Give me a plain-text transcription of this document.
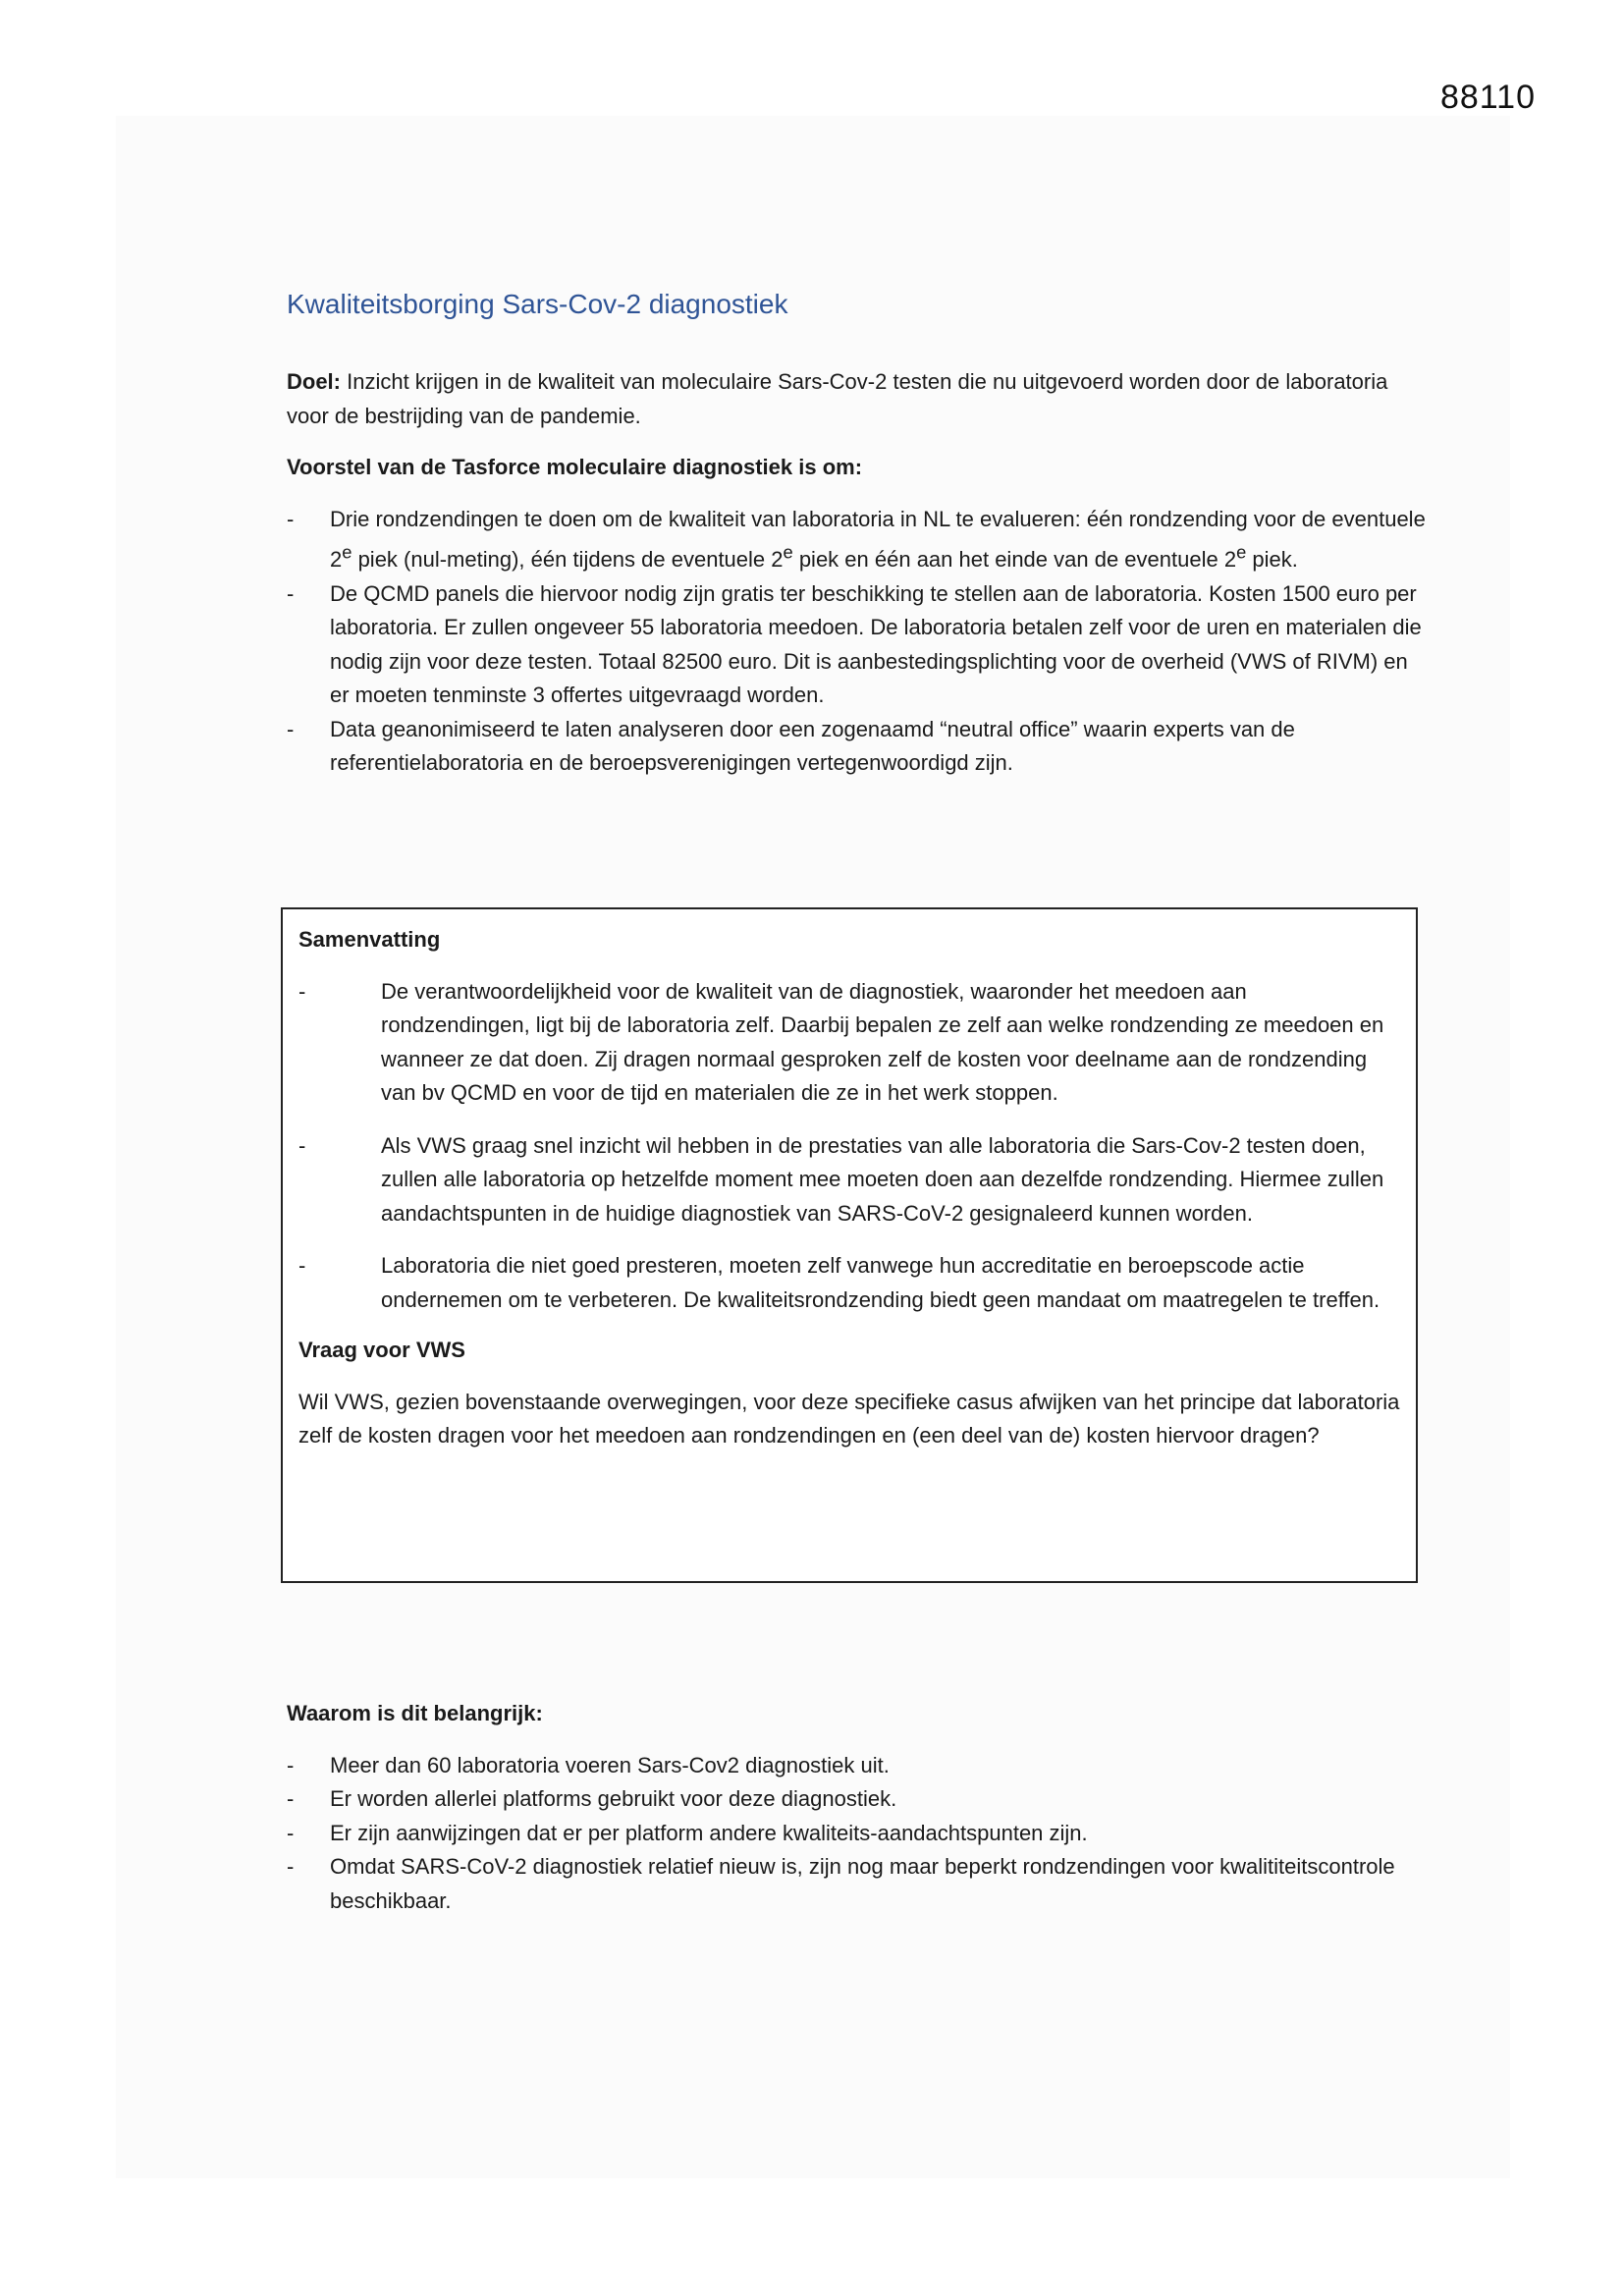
88110
Kwaliteitsborging Sars-Cov-2 diagnostiek

Doel: Inzicht krijgen in de kwaliteit van moleculaire Sars-Cov-2 testen die nu uitgevoerd worden door de laboratoria voor de bestrijding van de pandemie.

Voorstel van de Tasforce moleculaire diagnostiek is om:

- Drie rondzendingen te doen om de kwaliteit van laboratoria in NL te evalueren: één rondzending voor de eventuele 2e piek (nul-meting), één tijdens de eventuele 2e piek en één aan het einde van de eventuele 2e piek.
- De QCMD panels die hiervoor nodig zijn gratis ter beschikking te stellen aan de laboratoria. Kosten 1500 euro per laboratoria. Er zullen ongeveer 55 laboratoria meedoen. De laboratoria betalen zelf voor de uren en materialen die nodig zijn voor deze testen. Totaal 82500 euro. Dit is aanbestedingsplichting voor de overheid (VWS of RIVM) en er moeten tenminste 3 offertes uitgevraagd worden.
- Data geanonimiseerd te laten analyseren door een zogenaamd “neutral office” waarin experts van de referentielaboratoria en de beroepsverenigingen vertegenwoordigd zijn.

Samenvatting

-	De verantwoordelijkheid voor de kwaliteit van de diagnostiek, waaronder het meedoen aan rondzendingen, ligt bij de laboratoria zelf. Daarbij bepalen ze zelf aan welke rondzending ze meedoen en wanneer ze dat doen. Zij dragen normaal gesproken zelf de kosten voor deelname aan de rondzending van bv QCMD en voor de tijd en materialen die ze in het werk stoppen.
-	Als VWS graag snel inzicht wil hebben in de prestaties van alle laboratoria die Sars-Cov-2 testen doen, zullen alle laboratoria op hetzelfde moment mee moeten doen aan dezelfde rondzending. Hiermee zullen aandachtspunten in de huidige diagnostiek van SARS-CoV-2 gesignaleerd kunnen worden.
-	Laboratoria die niet goed presteren, moeten zelf vanwege hun accreditatie en beroepscode actie ondernemen om te verbeteren. De kwaliteitsrondzending biedt geen mandaat om maatregelen te treffen.

Vraag voor VWS

Wil VWS, gezien bovenstaande overwegingen, voor deze specifieke casus afwijken van het principe dat laboratoria zelf de kosten dragen voor het meedoen aan rondzendingen en (een deel van de) kosten hiervoor dragen?

Waarom is dit belangrijk:

- Meer dan 60 laboratoria voeren Sars-Cov2 diagnostiek uit.
- Er worden allerlei platforms gebruikt voor deze diagnostiek.
- Er zijn aanwijzingen dat er per platform andere kwaliteits-aandachtspunten zijn.
- Omdat SARS-CoV-2 diagnostiek relatief nieuw is, zijn nog maar beperkt rondzendingen voor kwalititeitscontrole beschikbaar.
